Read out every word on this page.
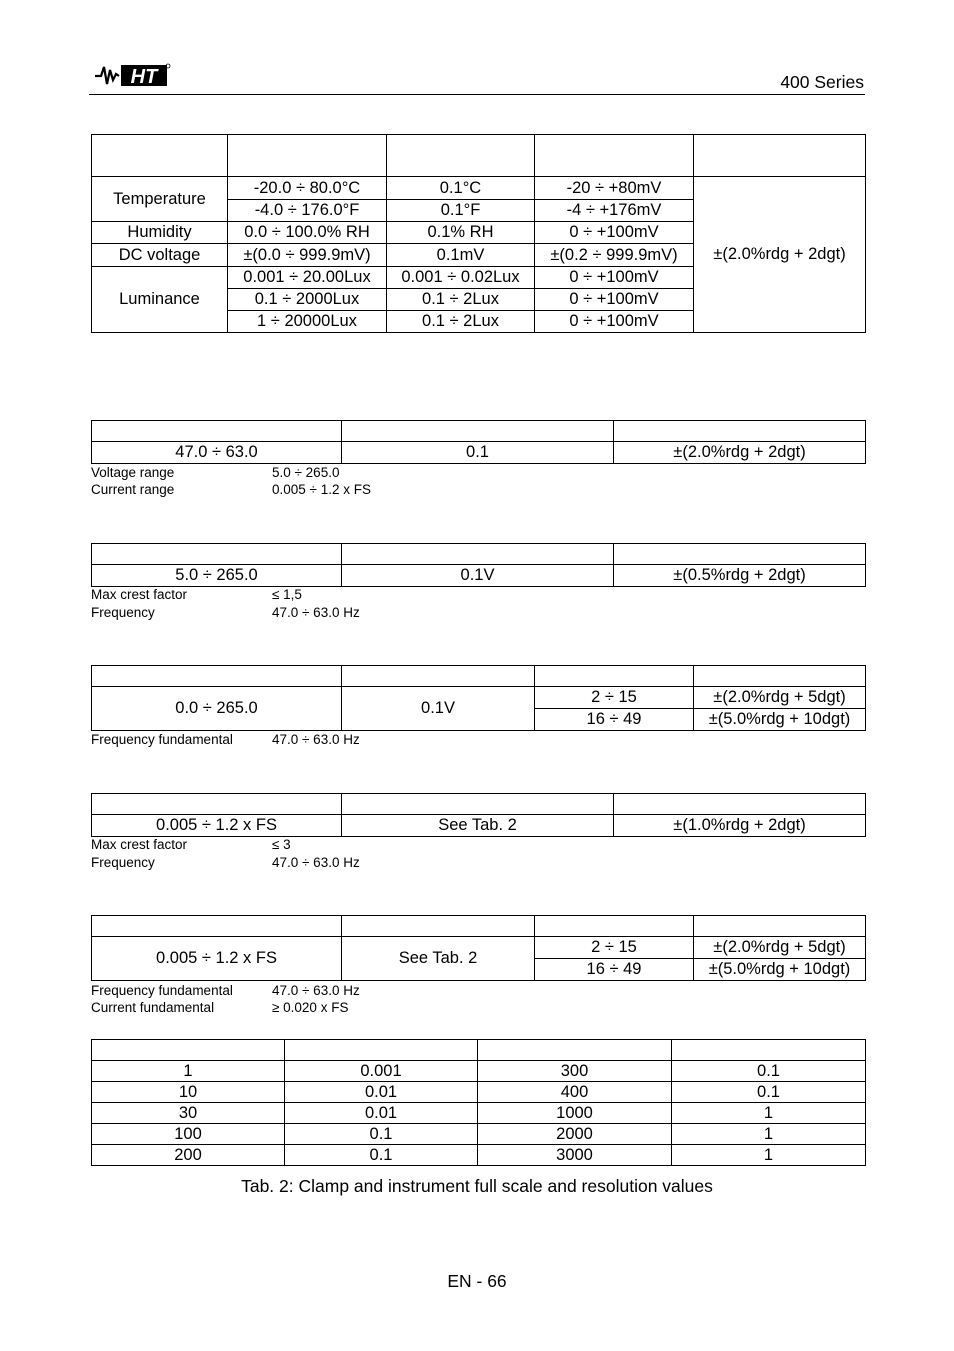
HT	400 Series

Temperature	-20.0 ÷ 80.0°C	0.1°C	-20 ÷ +80mV	±(2.0%rdg + 2dgt)
	-4.0 ÷ 176.0°F	0.1°F	-4 ÷ +176mV	
Humidity	0.0 ÷ 100.0% RH	0.1% RH	0 ÷ +100mV	
DC voltage	±(0.0 ÷ 999.9mV)	0.1mV	±(0.2 ÷ 999.9mV)	
Luminance	0.001 ÷ 20.00Lux	0.001 ÷ 0.02Lux	0 ÷ +100mV	
	0.1 ÷ 2000Lux	0.1 ÷ 2Lux	0 ÷ +100mV	
	1 ÷ 20000Lux	0.1 ÷ 2Lux	0 ÷ +100mV	

47.0 ÷ 63.0	0.1	±(2.0%rdg + 2dgt)
Voltage range	5.0 ÷ 265.0
Current range	0.005 ÷ 1.2 x FS

5.0 ÷ 265.0	0.1V	±(0.5%rdg + 2dgt)
Max crest factor	≤ 1,5
Frequency	47.0 ÷ 63.0 Hz

0.0 ÷ 265.0	0.1V	2 ÷ 15	±(2.0%rdg + 5dgt)
		16 ÷ 49	±(5.0%rdg + 10dgt)
Frequency fundamental	47.0 ÷ 63.0 Hz

0.005 ÷ 1.2 x FS	See Tab. 2	±(1.0%rdg + 2dgt)
Max crest factor	≤ 3
Frequency	47.0 ÷ 63.0 Hz

0.005 ÷ 1.2 x FS	See Tab. 2	2 ÷ 15	±(2.0%rdg + 5dgt)
		16 ÷ 49	±(5.0%rdg + 10dgt)
Frequency fundamental	47.0 ÷ 63.0 Hz
Current fundamental	≥ 0.020 x FS

1	0.001	300	0.1
10	0.01	400	0.1
30	0.01	1000	1
100	0.1	2000	1
200	0.1	3000	1
Tab. 2: Clamp and instrument full scale and resolution values
EN - 66
